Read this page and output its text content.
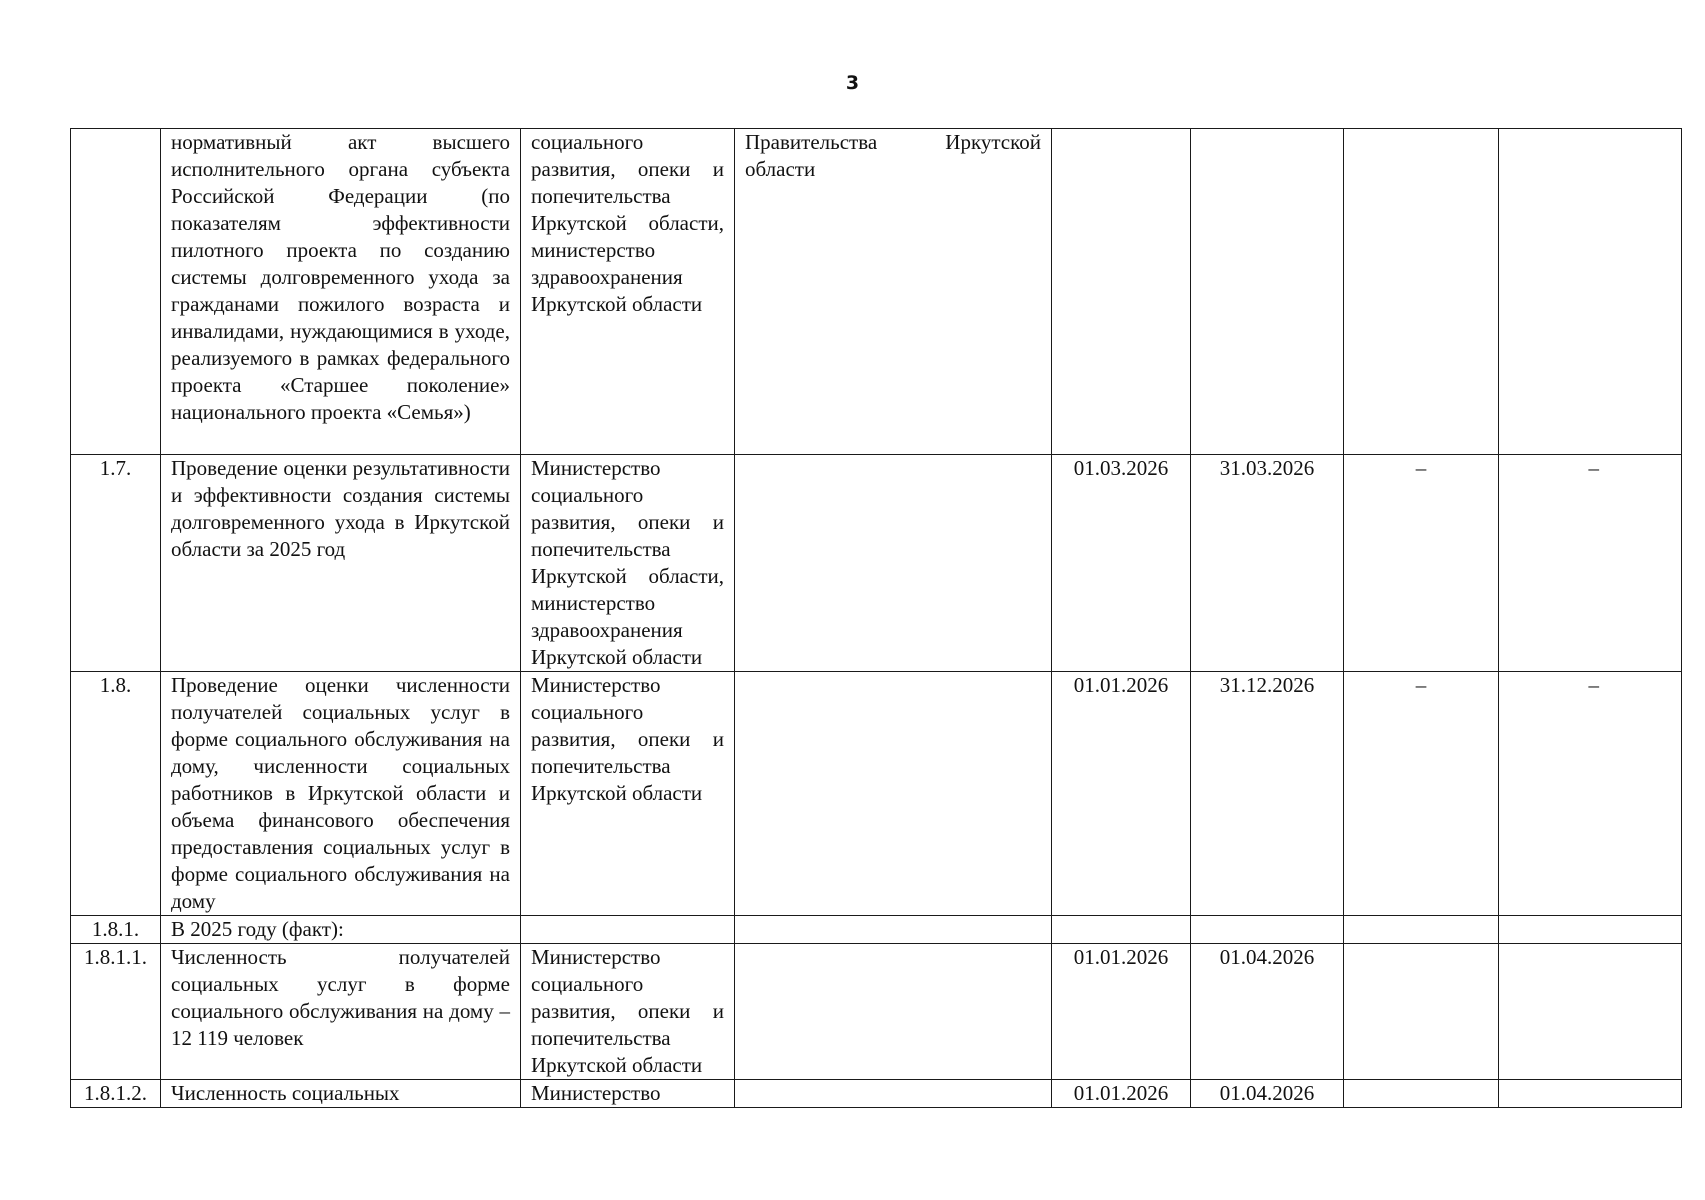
3

	нормативный акт высшего исполнительного органа субъекта Российской Федерации (по показателям эффективности пилотного проекта по созданию системы долговременного ухода за гражданами пожилого возраста и инвалидами, нуждающимися в уходе, реализуемого в рамках федерального проекта «Старшее поколение» национального проекта «Семья»)	социального развития, опеки и попечительства Иркутской области, министерство здравоохранения Иркутской области	Правительства Иркутской области				

1.7.	Проведение оценки результативности и эффективности создания системы долговременного ухода в Иркутской области за 2025 год	Министерство социального развития, опеки и попечительства Иркутской области, министерство здравоохранения Иркутской области		01.03.2026	31.03.2026	–	–

1.8.	Проведение оценки численности получателей социальных услуг в форме социального обслуживания на дому, численности социальных работников в Иркутской области и объема финансового обеспечения предоставления социальных услуг в форме социального обслуживания на дому	Министерство социального развития, опеки и попечительства Иркутской области		01.01.2026	31.12.2026	–	–

1.8.1.	В 2025 году (факт):						

1.8.1.1.	Численность получателей социальных услуг в форме социального обслуживания на дому – 12 119 человек	Министерство социального развития, опеки и попечительства Иркутской области		01.01.2026	01.04.2026		
1.8.1.2.	Численность социальных	Министерство		01.01.2026	01.04.2026		
